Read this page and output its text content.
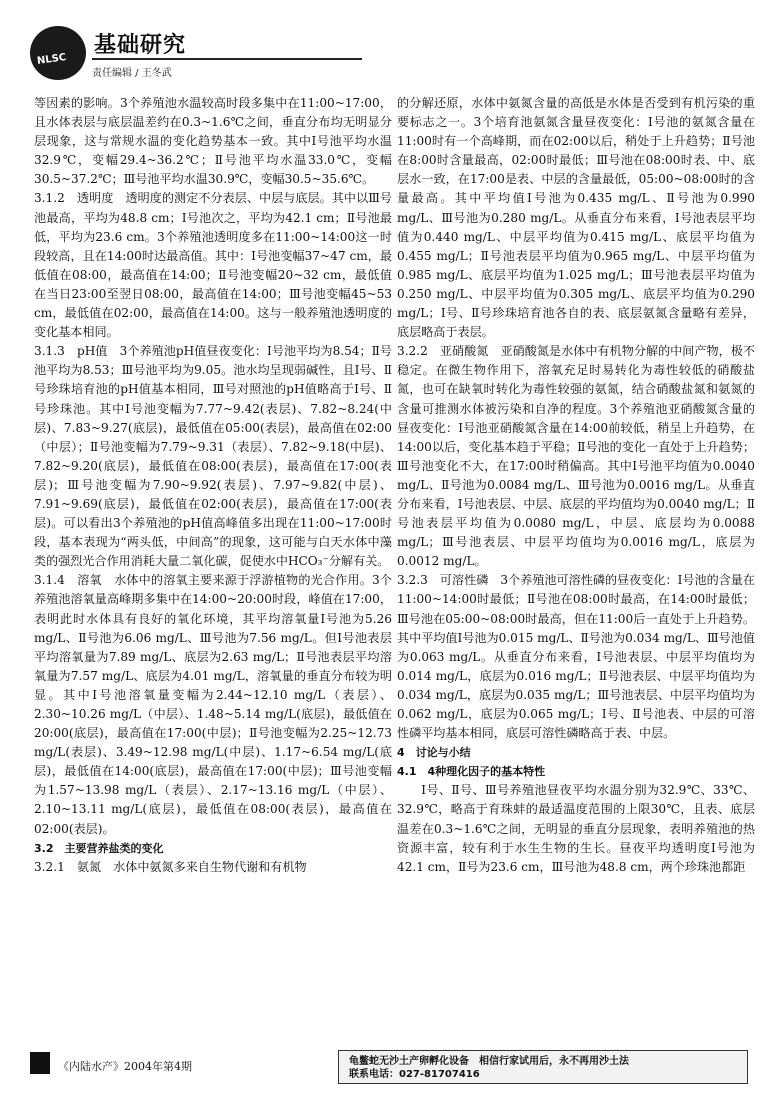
NLSC
基础研究
责任编辑 / 王冬武

等因素的影响。3个养殖池水温较高时段多集中在11:00~17:00，且水体表层与底层温差约在0.3~1.6℃之间，垂直分布均无明显分层现象，这与常规水温的变化趋势基本一致。其中Ⅰ号池平均水温32.9℃，变幅29.4~36.2℃；Ⅱ号池平均水温33.0℃，变幅30.5~37.2℃；Ⅲ号池平均水温30.9℃，变幅30.5~35.6℃。

3.1.2　透明度　透明度的测定不分表层、中层与底层。其中以Ⅲ号池最高，平均为48.8 cm；Ⅰ号池次之，平均为42.1 cm；Ⅱ号池最低，平均为23.6 cm。3个养殖池透明度多在11:00~14:00这一时段较高，且在14:00时达最高值。其中：Ⅰ号池变幅37~47 cm，最低值在08:00，最高值在14:00；Ⅱ号池变幅20~32 cm，最低值在当日23:00至翌日08:00，最高值在14:00；Ⅲ号池变幅45~53 cm，最低值在02:00，最高值在14:00。这与一般养殖池透明度的变化基本相同。

3.1.3　pH值　3个养殖池pH值昼夜变化：Ⅰ号池平均为8.54；Ⅱ号池平均为8.53；Ⅲ号池平均为9.05。池水均呈现弱碱性，且Ⅰ号、Ⅱ号珍珠培育池的pH值基本相同，Ⅲ号对照池的pH值略高于Ⅰ号、Ⅱ号珍珠池。其中Ⅰ号池变幅为7.77~9.42(表层)、7.82~8.24(中层)、7.83~9.27(底层)，最低值在05:00(表层)，最高值在02:00（中层）；Ⅱ号池变幅为7.79~9.31（表层）、7.82~9.18(中层)、7.82~9.20(底层)，最低值在08:00(表层)，最高值在17:00(表层)；Ⅲ号池变幅为7.90~9.92(表层)、7.97~9.82(中层)、7.91~9.69(底层)，最低值在02:00(表层)，最高值在17:00(表层)。可以看出3个养殖池的pH值高峰值多出现在11:00~17:00时段，基本表现为“两头低，中间高”的现象，这可能与白天水体中藻类的强烈光合作用消耗大量二氧化碳，促使水中HCO₃⁻分解有关。

3.1.4　溶氧　水体中的溶氧主要来源于浮游植物的光合作用。3个养殖池溶氧量高峰期多集中在14:00~20:00时段，峰值在17:00，表明此时水体具有良好的氧化环境，其平均溶氧量Ⅰ号池为5.26 mg/L、Ⅱ号池为6.06 mg/L、Ⅲ号池为7.56 mg/L。但Ⅰ号池表层平均溶氧量为7.89 mg/L、底层为2.63 mg/L；Ⅱ号池表层平均溶氧量为7.57 mg/L、底层为4.01 mg/L，溶氧量的垂直分布较为明显。其中Ⅰ号池溶氧量变幅为2.44~12.10 mg/L（表层）、2.30~10.26 mg/L（中层）、1.48~5.14 mg/L(底层)，最低值在20:00(底层)，最高值在17:00(中层)；Ⅱ号池变幅为2.25~12.73 mg/L(表层)、3.49~12.98 mg/L(中层)、1.17~6.54 mg/L(底层)，最低值在14:00(底层)，最高值在17:00(中层)；Ⅲ号池变幅为1.57~13.98 mg/L（表层）、2.17~13.16 mg/L（中层）、2.10~13.11 mg/L(底层)，最低值在08:00(表层)，最高值在02:00(表层)。

3.2　主要营养盐类的变化

3.2.1　氨氮　水体中氨氮多来自生物代谢和有机物

的分解还原，水体中氨氮含量的高低是水体是否受到有机污染的重要标志之一。3个培育池氨氮含量昼夜变化：Ⅰ号池的氨氮含量在11:00时有一个高峰期，而在02:00以后，稍处于上升趋势；Ⅱ号池在8:00时含量最高，02:00时最低；Ⅲ号池在08:00时表、中、底层水一致，在17:00是表、中层的含量最低，05:00~08:00时的含量最高。其中平均值Ⅰ号池为0.435 mg/L、Ⅱ号池为0.990 mg/L、Ⅲ号池为0.280 mg/L。从垂直分布来看，Ⅰ号池表层平均值为0.440 mg/L、中层平均值为0.415 mg/L、底层平均值为0.455 mg/L；Ⅱ号池表层平均值为0.965 mg/L、中层平均值为0.985 mg/L、底层平均值为1.025 mg/L；Ⅲ号池表层平均值为0.250 mg/L、中层平均值为0.305 mg/L、底层平均值为0.290 mg/L；Ⅰ号、Ⅱ号珍珠培育池各自的表、底层氨氮含量略有差异，底层略高于表层。

3.2.2　亚硝酸氮　亚硝酸氮是水体中有机物分解的中间产物，极不稳定。在微生物作用下，溶氧充足时易转化为毒性较低的硝酸盐氮，也可在缺氧时转化为毒性较强的氨氮，结合硝酸盐氮和氨氮的含量可推测水体被污染和自净的程度。3个养殖池亚硝酸氮含量的昼夜变化：Ⅰ号池亚硝酸氮含量在14:00前较低，稍呈上升趋势，在14:00以后，变化基本趋于平稳；Ⅱ号池的变化一直处于上升趋势；Ⅲ号池变化不大，在17:00时稍偏高。其中Ⅰ号池平均值为0.0040 mg/L、Ⅱ号池为0.0084 mg/L、Ⅲ号池为0.0016 mg/L。从垂直分布来看，Ⅰ号池表层、中层、底层的平均值均为0.0040 mg/L；Ⅱ号池表层平均值为0.0080 mg/L，中层、底层均为0.0088 mg/L；Ⅲ号池表层、中层平均值均为0.0016 mg/L，底层为0.0012 mg/L。

3.2.3　可溶性磷　3个养殖池可溶性磷的昼夜变化：Ⅰ号池的含量在11:00~14:00时最低；Ⅱ号池在08:00时最高，在14:00时最低；Ⅲ号池在05:00~08:00时最高，但在11:00后一直处于上升趋势。其中平均值Ⅰ号池为0.015 mg/L、Ⅱ号池为0.034 mg/L、Ⅲ号池值为0.063 mg/L。从垂直分布来看，Ⅰ号池表层、中层平均值均为0.014 mg/L，底层为0.016 mg/L；Ⅱ号池表层、中层平均值均为0.034 mg/L，底层为0.035 mg/L；Ⅲ号池表层、中层平均值均为0.062 mg/L，底层为0.065 mg/L；Ⅰ号、Ⅱ号池表、中层的可溶性磷平均基本相同，底层可溶性磷略高于表、中层。

4　讨论与小结

4.1　4种理化因子的基本特性

Ⅰ号、Ⅱ号、Ⅲ号养殖池昼夜平均水温分别为32.9℃、33℃、32.9℃，略高于育珠蚌的最适温度范围的上限30℃，且表、底层温差在0.3~1.6℃之间，无明显的垂直分层现象，表明养殖池的热资源丰富，较有利于水生生物的生长。昼夜平均透明度Ⅰ号池为42.1 cm，Ⅱ号为23.6 cm，Ⅲ号池为48.8 cm，两个珍珠池都距

《内陆水产》2004年第4期	龟鳖蛇无沙土产卵孵化设备　相信行家试用后，永不再用沙土法
联系电话：027-81707416
